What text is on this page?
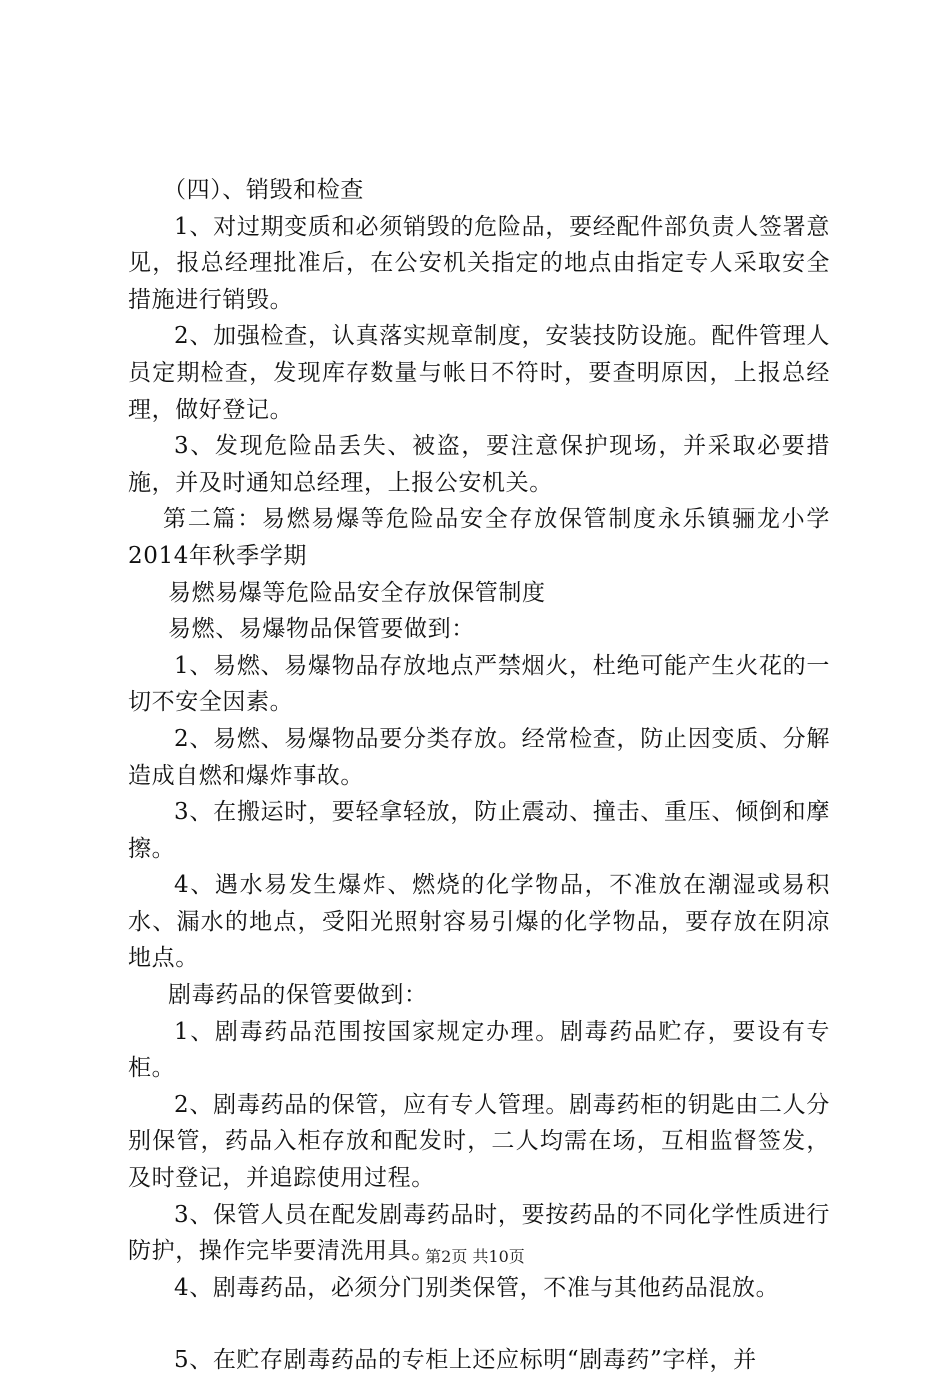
（四）、销毁和检查

1、对过期变质和必须销毁的危险品，要经配件部负责人签署意见，报总经理批准后，在公安机关指定的地点由指定专人采取安全措施进行销毁。

2、加强检查，认真落实规章制度，安装技防设施。配件管理人员定期检查，发现库存数量与帐日不符时，要查明原因，上报总经理，做好登记。

3、发现危险品丢失、被盗，要注意保护现场，并采取必要措施，并及时通知总经理，上报公安机关。

第二篇：易燃易爆等危险品安全存放保管制度永乐镇骊龙小学2014年秋季学期

易燃易爆等危险品安全存放保管制度

易燃、易爆物品保管要做到：

1、易燃、易爆物品存放地点严禁烟火，杜绝可能产生火花的一切不安全因素。

2、易燃、易爆物品要分类存放。经常检查，防止因变质、分解造成自燃和爆炸事故。

3、在搬运时，要轻拿轻放，防止震动、撞击、重压、倾倒和摩擦。

4、遇水易发生爆炸、燃烧的化学物品，不准放在潮湿或易积水、漏水的地点，受阳光照射容易引爆的化学物品，要存放在阴凉地点。

剧毒药品的保管要做到：

1、剧毒药品范围按国家规定办理。剧毒药品贮存，要设有专柜。

2、剧毒药品的保管，应有专人管理。剧毒药柜的钥匙由二人分别保管，药品入柜存放和配发时，二人均需在场，互相监督签发，及时登记，并追踪使用过程。

3、保管人员在配发剧毒药品时，要按药品的不同化学性质进行防护，操作完毕要清洗用具。

4、剧毒药品，必须分门别类保管，不准与其他药品混放。

5、在贮存剧毒药品的专柜上还应标明“剧毒药”字样，并

第2页 共10页
